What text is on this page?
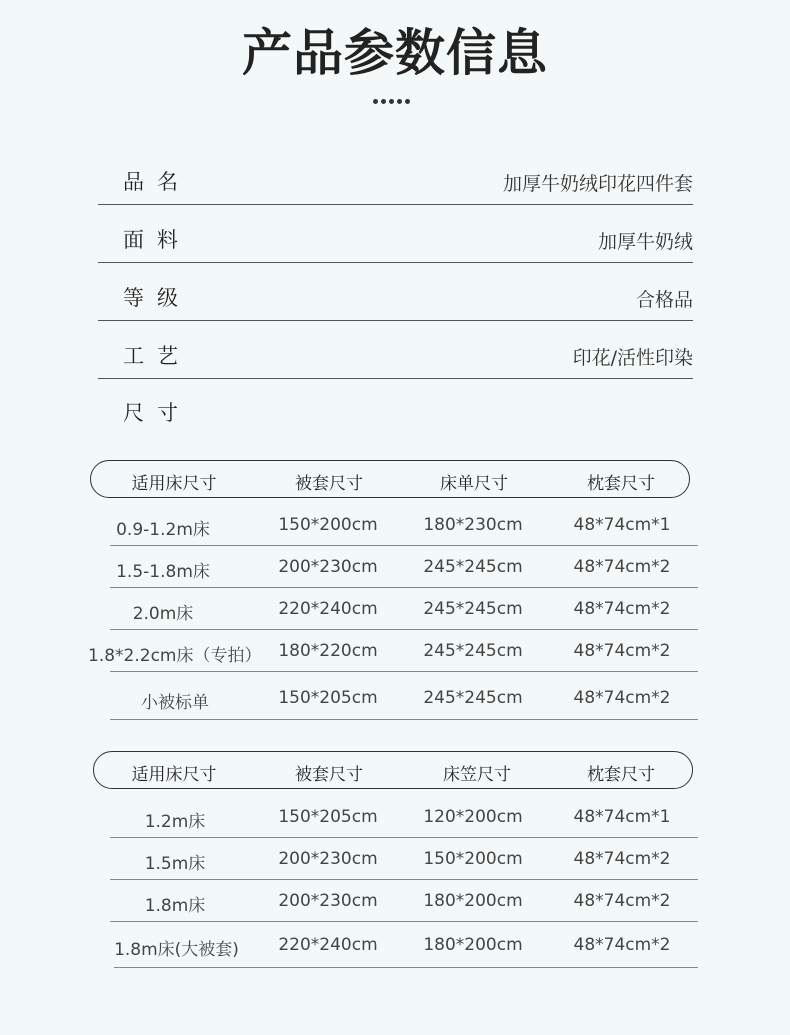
产品参数信息
品名	加厚牛奶绒印花四件套
面料	加厚牛奶绒
等级	合格品
工艺	印花/活性印染
尺寸
适用床尺寸	被套尺寸	床单尺寸	枕套尺寸
0.9-1.2m床	150*200cm	180*230cm	48*74cm*1
1.5-1.8m床	200*230cm	245*245cm	48*74cm*2
2.0m床	220*240cm	245*245cm	48*74cm*2
1.8*2.2cm床（专拍） 180*220cm	245*245cm	48*74cm*2
小被标单	150*205cm	245*245cm	48*74cm*2
适用床尺寸	被套尺寸	床笠尺寸	枕套尺寸
1.2m床	150*205cm	120*200cm	48*74cm*1
1.5m床	200*230cm	150*200cm	48*74cm*2
1.8m床	200*230cm	180*200cm	48*74cm*2
1.8m床(大被套)	220*240cm	180*200cm	48*74cm*2
